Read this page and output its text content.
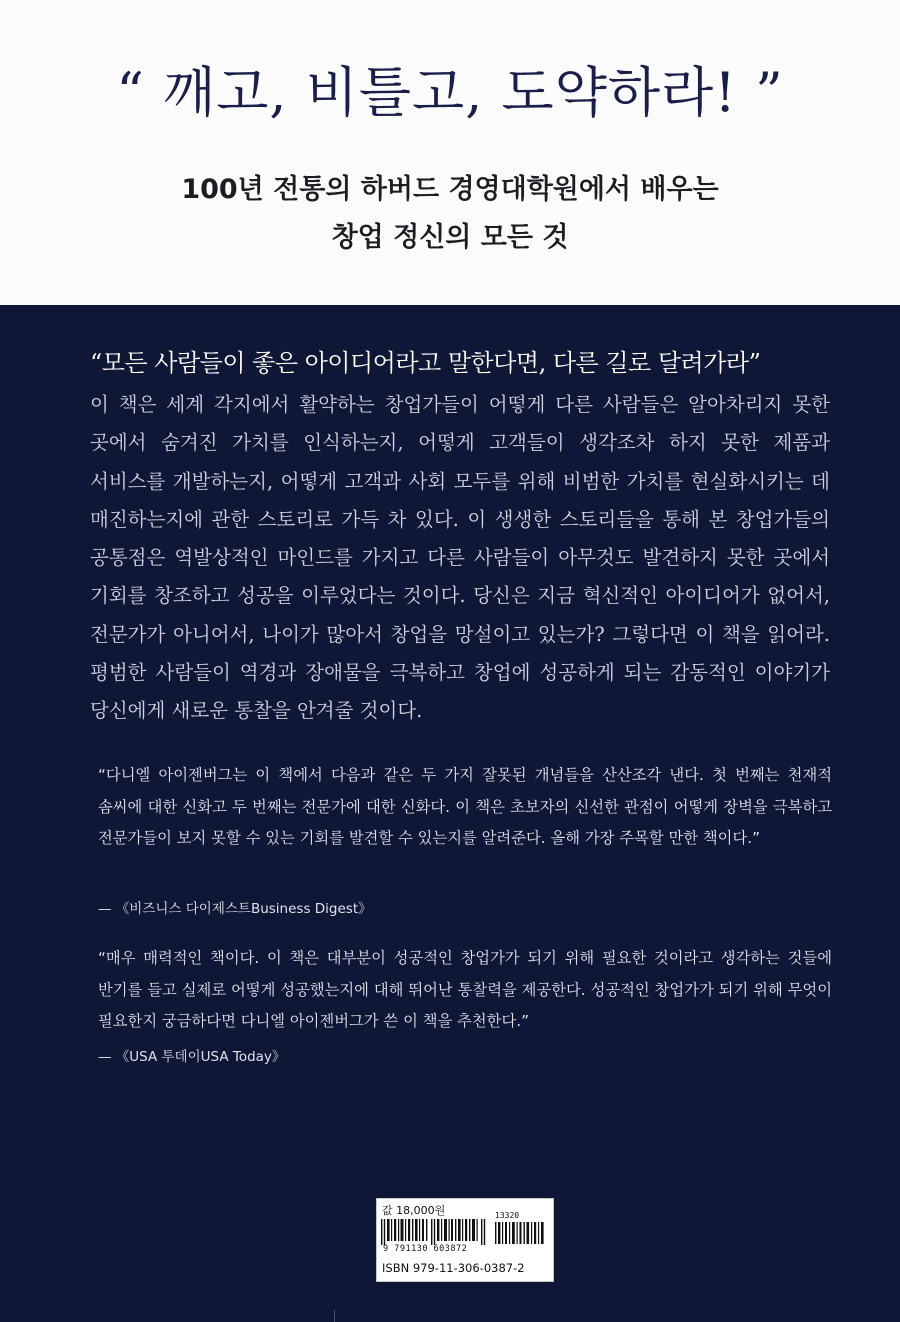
“ 깨고, 비틀고, 도약하라! ”
100년 전통의 하버드 경영대학원에서 배우는
창업 정신의 모든 것
“모든 사람들이 좋은 아이디어라고 말한다면, 다른 길로 달려가라”
이 책은 세계 각지에서 활약하는 창업가들이 어떻게 다른 사람들은 알아차리지 못한 곳에서 숨겨진 가치를 인식하는지, 어떻게 고객들이 생각조차 하지 못한 제품과 서비스를 개발하는지, 어떻게 고객과 사회 모두를 위해 비범한 가치를 현실화시키는 데 매진하는지에 관한 스토리로 가득 차 있다. 이 생생한 스토리들을 통해 본 창업가들의 공통점은 역발상적인 마인드를 가지고 다른 사람들이 아무것도 발견하지 못한 곳에서 기회를 창조하고 성공을 이루었다는 것이다. 당신은 지금 혁신적인 아이디어가 없어서, 전문가가 아니어서, 나이가 많아서 창업을 망설이고 있는가? 그렇다면 이 책을 읽어라. 평범한 사람들이 역경과 장애물을 극복하고 창업에 성공하게 되는 감동적인 이야기가 당신에게 새로운 통찰을 안겨줄 것이다.
“다니엘 아이젠버그는 이 책에서 다음과 같은 두 가지 잘못된 개념들을 산산조각 낸다. 첫 번째는 천재적 솜씨에 대한 신화고 두 번째는 전문가에 대한 신화다. 이 책은 초보자의 신선한 관점이 어떻게 장벽을 극복하고 전문가들이 보지 못할 수 있는 기회를 발견할 수 있는지를 알려준다. 올해 가장 주목할 만한 책이다.”
— 《비즈니스 다이제스트Business Digest》
“매우 매력적인 책이다. 이 책은 대부분이 성공적인 창업가가 되기 위해 필요한 것이라고 생각하는 것들에 반기를 들고 실제로 어떻게 성공했는지에 대해 뛰어난 통찰력을 제공한다. 성공적인 창업가가 되기 위해 무엇이 필요한지 궁금하다면 다니엘 아이젠버그가 쓴 이 책을 추천한다.”
— 《USA 투데이USA Today》
값 18,000원	13320
9 791130 603872
ISBN 979-11-306-0387-2
